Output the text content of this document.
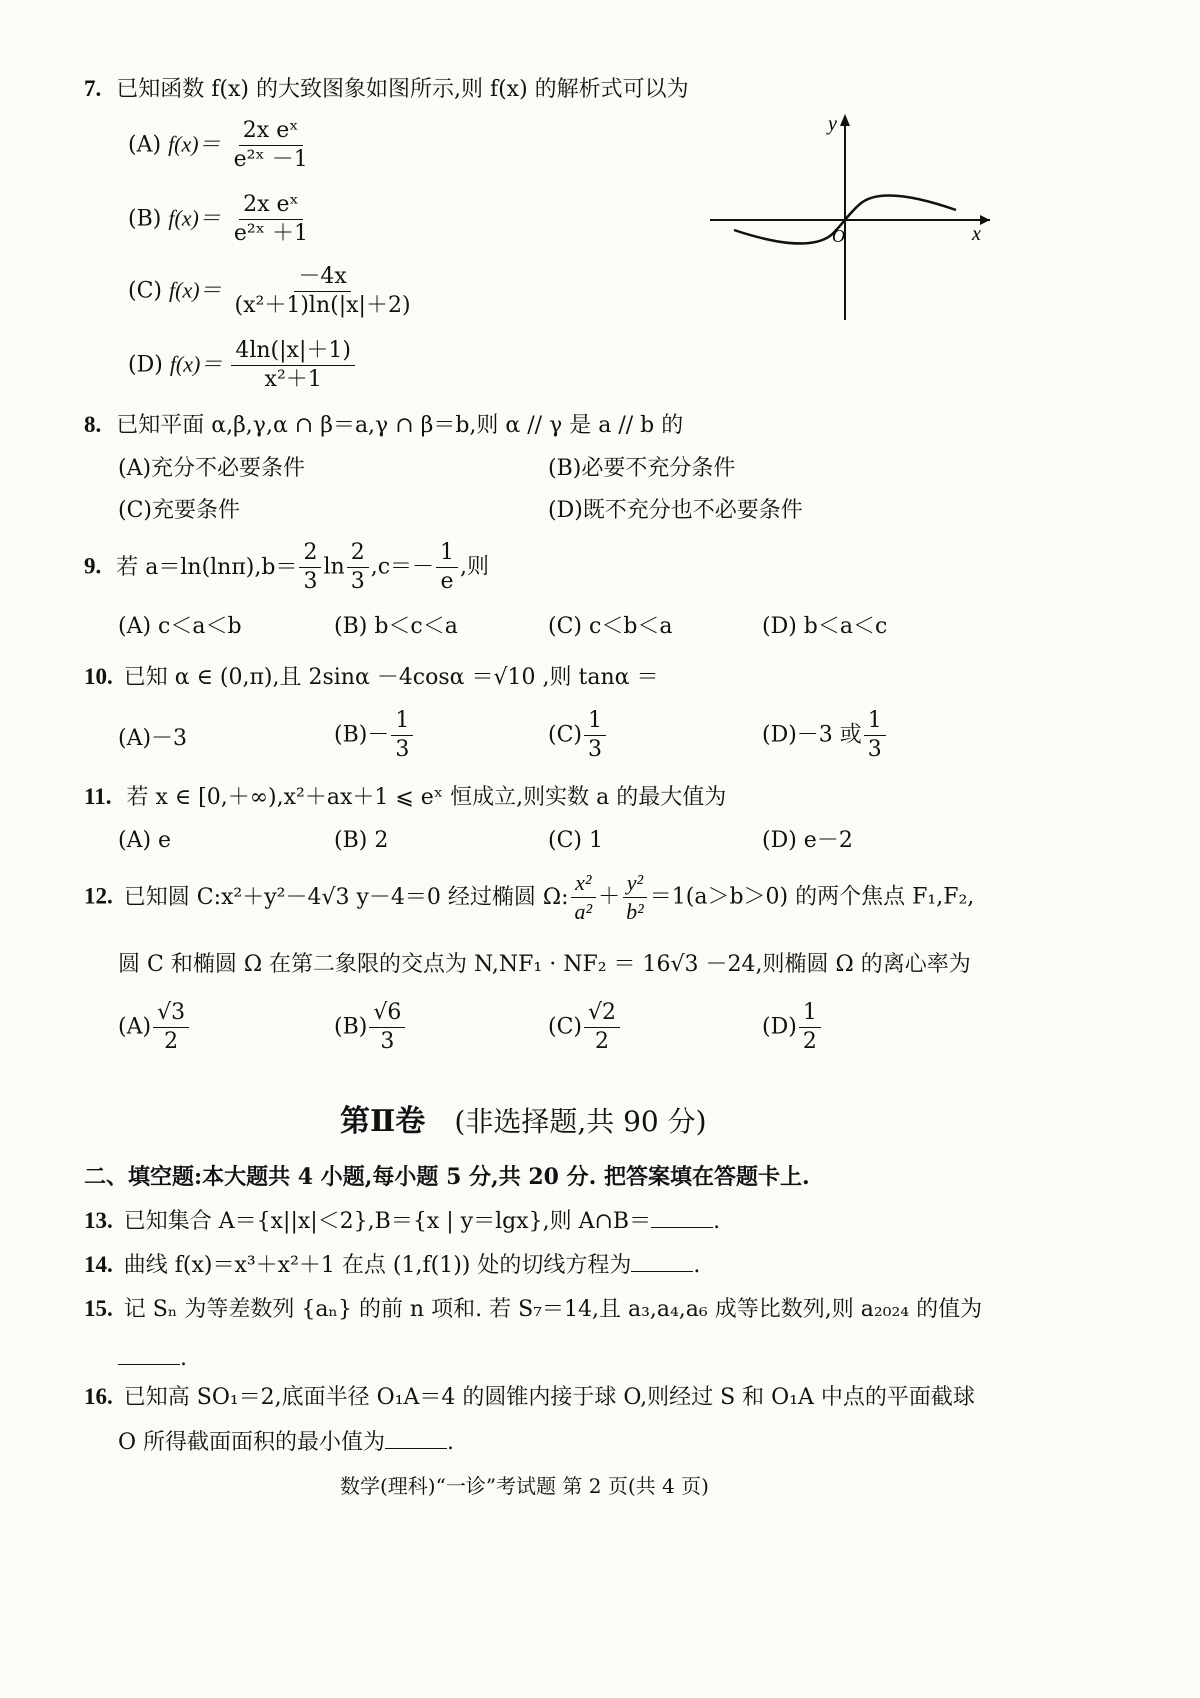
7. 已知函数 f(x) 的大致图象如图所示,则 f(x) 的解析式可以为
(A) $f(x)= \frac{\text{2x eˣ}}{\text{e²ˣ －1}}$
(B) $f(x)= \frac{\text{2x eˣ}}{\text{e²ˣ ＋1}}$
(C) $f(x)= \frac{-4x}{\text{(x²＋1)ln(|x|＋2)}}$
(D) $f(x)= \frac{4\ln(|x|+1)}{\text{x²＋1}}$
y
x
O
8. 已知平面 α,β,γ,α ∩ β＝a,γ ∩ β＝b,则 α // γ 是 a // b 的
(A)充分不必要条件	(B)必要不充分条件
(C)充要条件	(D)既不充分也不必要条件
9. 若 $a=\ln(\ln\pi),b= \frac{2}{3}$ $\ln \frac{2}{3} ,c=- \frac{1}{e}$ ,则
(A) c＜a＜b	(B) b＜c＜a	(C) c＜b＜a	(D) b＜a＜c
10. 已知 α ∈ (0,π),且 2sinα －4cosα ＝√10 ,则 tanα ＝
(A)－3	$(B)- \frac{1}{3}$	$(C) \frac{1}{3}$	(D)－3 或 $\frac{1}{3}$
11. 若 x ∈ [0,＋∞),x²＋ax＋1 ⩽ eˣ 恒成立,则实数 a 的最大值为
(A) e	(B) 2	(C) 1	(D) e－2
12. 已知圆 C:x²＋y²－4√3 y－4＝0 经过椭圆 Ω: $\frac{\text{x²}}{\text{a²}} + \frac{\text{y²}}{\text{b²}} =1(a>b>0)$ 的两个焦点 F₁,F₂,
圆 C 和椭圆 Ω 在第二象限的交点为 N,NF₁ · NF₂ ＝ 16√3 －24,则椭圆 Ω 的离心率为
$(A) \frac{√3}{2}$	$(B) \frac{√6}{3}$	$(C) \frac{√2}{2}$	$(D) \frac{1}{2}$
第Ⅱ卷 (非选择题,共 90 分)
二、填空题:本大题共 4 小题,每小题 5 分,共 20 分. 把答案填在答题卡上.
13. 已知集合 A＝{x||x|＜2},B＝{x | y＝lgx},则 A∩B＝	.
14. 曲线 f(x)＝x³＋x²＋1 在点 (1,f(1)) 处的切线方程为	.
15. 记 Sₙ 为等差数列 {aₙ} 的前 n 项和. 若 S₇＝14,且 a₃,a₄,a₆ 成等比数列,则 a₂₀₂₄ 的值为
.
16. 已知高 SO₁＝2,底面半径 O₁A＝4 的圆锥内接于球 O,则经过 S 和 O₁A 中点的平面截球
O 所得截面面积的最小值为	.
数学(理科)“一诊”考试题 第 2 页(共 4 页)
